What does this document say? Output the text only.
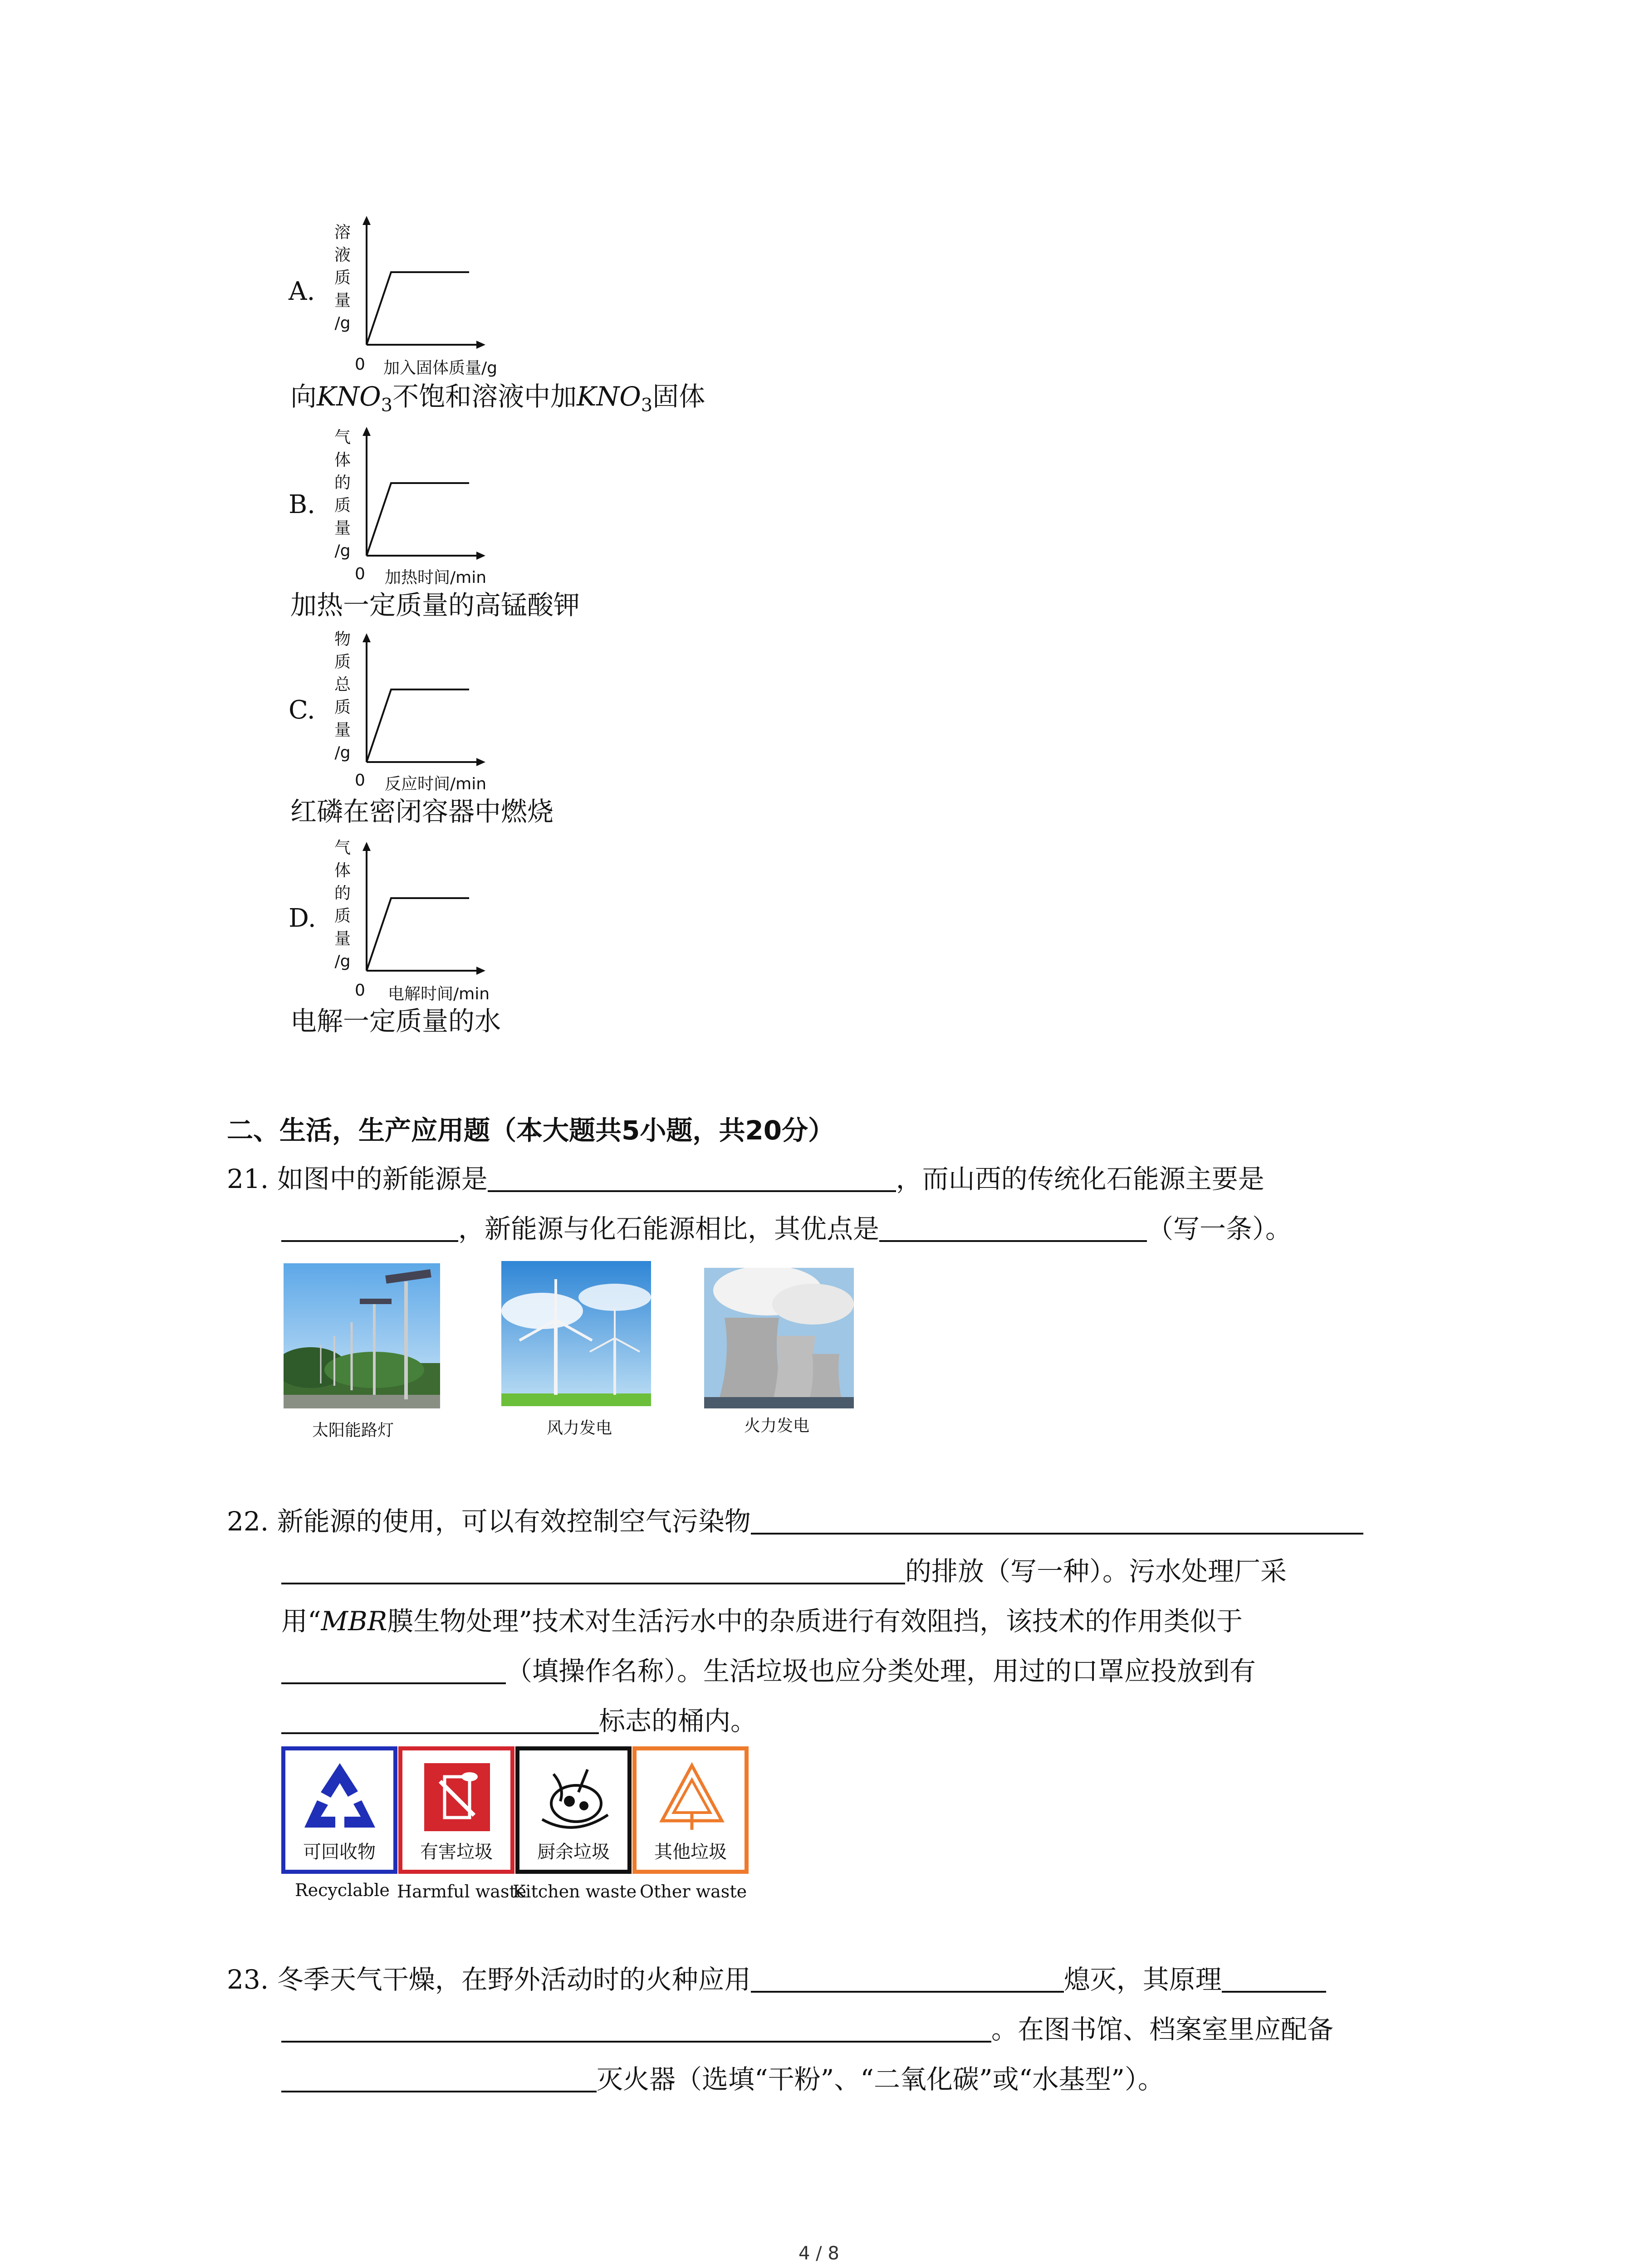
A.
溶
液
质
量
/g
0 加入固体质量/g
向$KNO_3$不饱和溶液中加$KNO_3$固体
B.
气
体
的
质
量
/g
0 加热时间/min
加热一定质量的高锰酸钾
C.
物
质
总
质
量
/g
0 反应时间/min
红磷在密闭容器中燃烧
D.
气
体
的
质
量
/g
0 电解时间/min
电解一定质量的水
二、生活，生产应用题（本大题共5小题，共20分）
21. 如图中的新能源是	，而山西的传统化石能源主要是
，新能源与化石能源相比，其优点是	（写一条）。
太阳能路灯	风力发电	火力发电
22. 新能源的使用，可以有效控制空气污染物
的排放（写一种）。污水处理厂采
用“MBR膜生物处理”技术对生活污水中的杂质进行有效阻挡，该技术的作用类似于
（填操作名称）。生活垃圾也应分类处理，用过的口罩应投放到有
标志的桶内。
可回收物
Recyclable
有害垃圾
Harmful waste
厨余垃圾
Kitchen waste
其他垃圾
Other waste
23. 冬季天气干燥，在野外活动时的火种应用	熄灭，其原理
。在图书馆、档案室里应配备
灭火器（选填“干粉”、“二氧化碳”或“水基型”）。
4 / 8
